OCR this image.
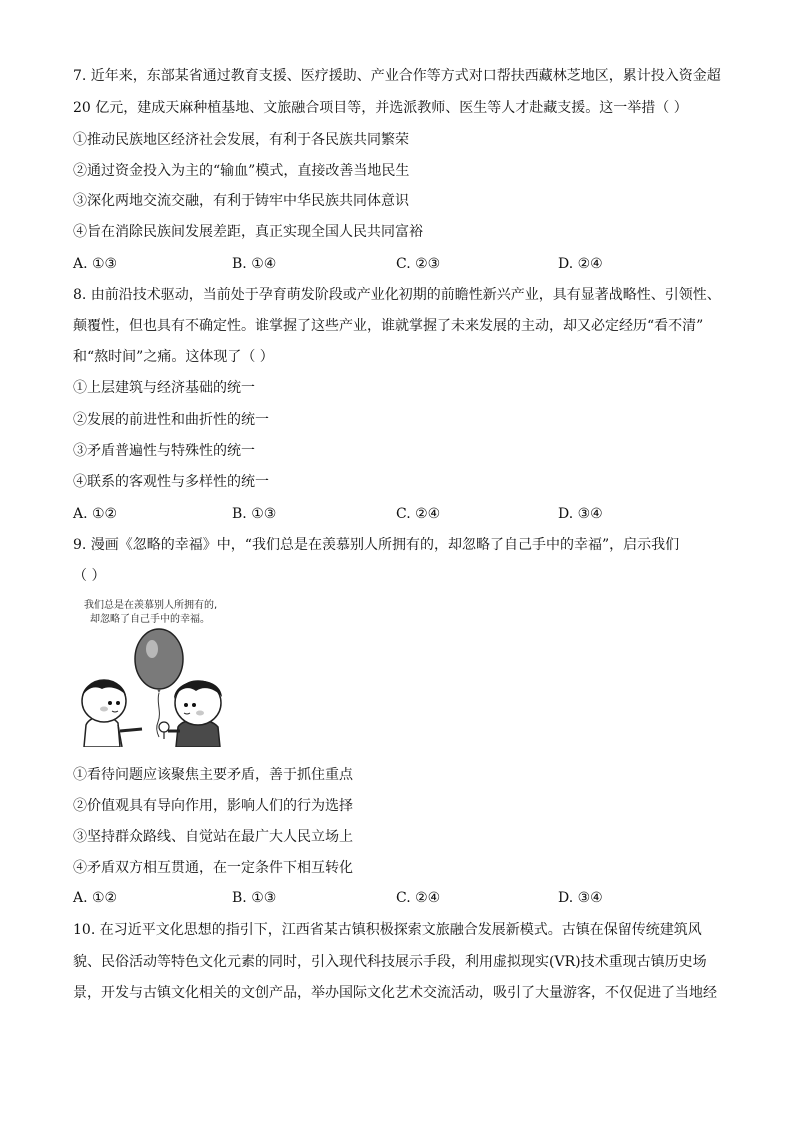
7. 近年来，东部某省通过教育支援、医疗援助、产业合作等方式对口帮扶西藏林芝地区，累计投入资金超
20 亿元，建成天麻种植基地、文旅融合项目等，并选派教师、医生等人才赴藏支援。这一举措（ ）
①推动民族地区经济社会发展，有利于各民族共同繁荣
②通过资金投入为主的“输血”模式，直接改善当地民生
③深化两地交流交融，有利于铸牢中华民族共同体意识
④旨在消除民族间发展差距，真正实现全国人民共同富裕
A. ①③	B. ①④	C. ②③	D. ②④
8. 由前沿技术驱动，当前处于孕育萌发阶段或产业化初期的前瞻性新兴产业，具有显著战略性、引领性、
颠覆性，但也具有不确定性。谁掌握了这些产业，谁就掌握了未来发展的主动，却又必定经历“看不清”
和“熬时间”之痛。这体现了（ ）
①上层建筑与经济基础的统一
②发展的前进性和曲折性的统一
③矛盾普遍性与特殊性的统一
④联系的客观性与多样性的统一
A. ①②	B. ①③	C. ②④	D. ③④
9. 漫画《忽略的幸福》中，“我们总是在羡慕别人所拥有的，却忽略了自己手中的幸福”，启示我们
（ ）
我们总是在羡慕别人所拥有的,
却忽略了自己手中的幸福。
①看待问题应该聚焦主要矛盾，善于抓住重点
②价值观具有导向作用，影响人们的行为选择
③坚持群众路线、自觉站在最广大人民立场上
④矛盾双方相互贯通，在一定条件下相互转化
A. ①②	B. ①③	C. ②④	D. ③④
10. 在习近平文化思想的指引下，江西省某古镇积极探索文旅融合发展新模式。古镇在保留传统建筑风
貌、民俗活动等特色文化元素的同时，引入现代科技展示手段，利用虚拟现实(VR)技术重现古镇历史场
景，开发与古镇文化相关的文创产品，举办国际文化艺术交流活动，吸引了大量游客，不仅促进了当地经
